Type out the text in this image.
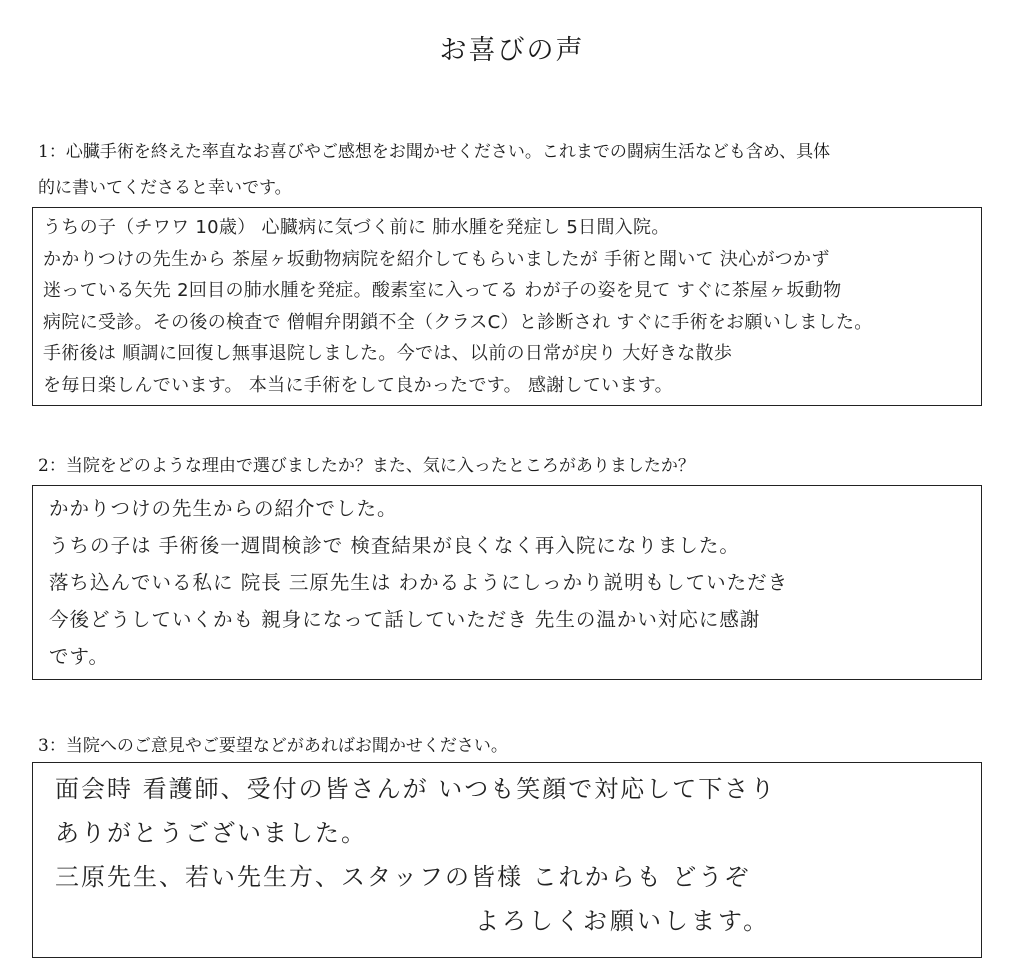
お喜びの声
1：心臓手術を終えた率直なお喜びやご感想をお聞かせください。これまでの闘病生活なども含め、具体
的に書いてくださると幸いです。
うちの子（チワワ 10歳） 心臓病に気づく前に 肺水腫を発症し 5日間入院。
かかりつけの先生から 茶屋ヶ坂動物病院を紹介してもらいましたが 手術と聞いて 決心がつかず
迷っている矢先 2回目の肺水腫を発症。酸素室に入ってる わが子の姿を見て すぐに茶屋ヶ坂動物
病院に受診。その後の検査で 僧帽弁閉鎖不全（クラスC）と診断され すぐに手術をお願いしました。
手術後は 順調に回復し無事退院しました。今では、以前の日常が戻り 大好きな散歩
を毎日楽しんでいます。 本当に手術をして良かったです。 感謝しています。
2：当院をどのような理由で選びましたか？また、気に入ったところがありましたか？
かかりつけの先生からの紹介でした。
うちの子は 手術後一週間検診で 検査結果が良くなく再入院になりました。
落ち込んでいる私に 院長 三原先生は わかるようにしっかり説明もしていただき
今後どうしていくかも 親身になって話していただき 先生の温かい対応に感謝
です。
3：当院へのご意見やご要望などがあればお聞かせください。
面会時 看護師、受付の皆さんが いつも笑顔で対応して下さり
ありがとうございました。
三原先生、若い先生方、スタッフの皆様 これからも どうぞ
よろしくお願いします。
